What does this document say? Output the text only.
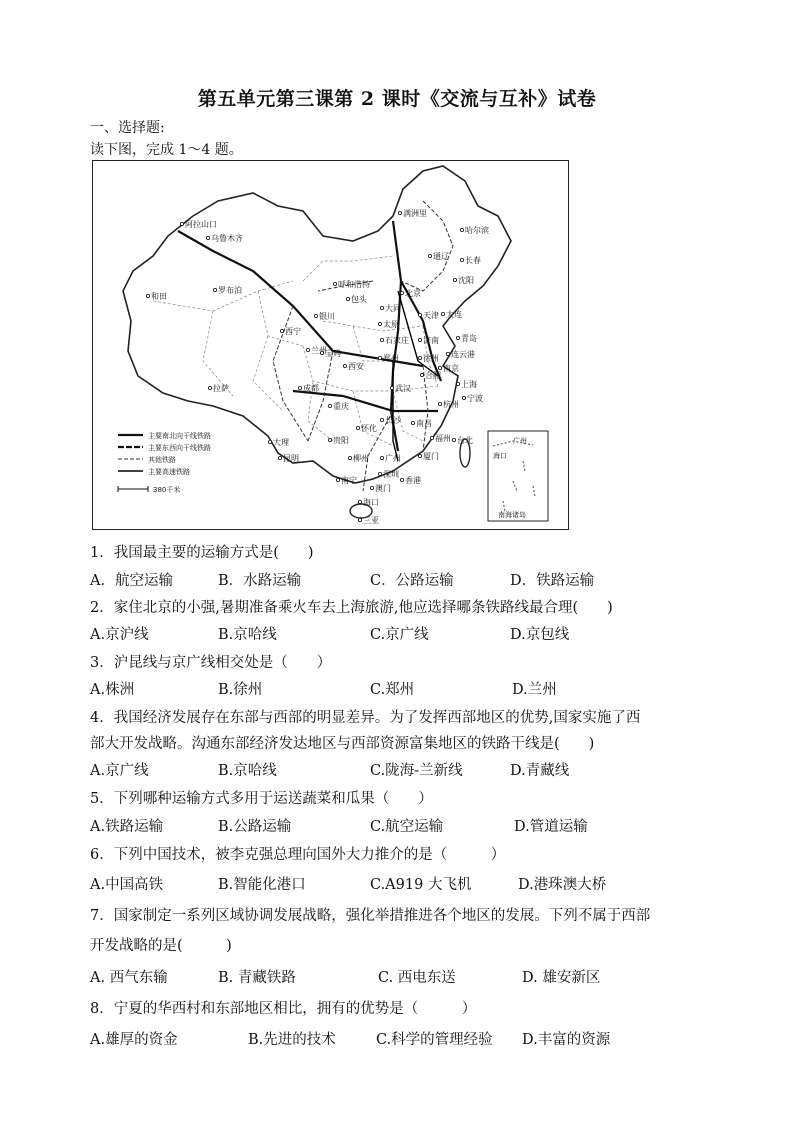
第五单元第三课第 2 课时《交流与互补》试卷
一、选择题:
读下图，完成 1～4 题。
阿拉山口
乌鲁木齐
和田
罗布泊
拉萨
满洲里
哈尔滨
长春
通辽
沈阳
大连
北京
天津
呼和浩特
包头
银川
大同
太原
石家庄
西宁
兰州
济南	青岛
连云港
徐州
郑州
西安
宝鸡
合肥
南京
上海
宁波
杭州
成都
重庆
武汉
长沙 南昌
怀化
贵阳
昆明
大理
南宁
柳州 广州
深圳
香港
澳门
厦门
福州 台北
海口
三亚
主要南北向干线铁路
主要东西向干线铁路
其他铁路
主要高速铁路
380千米
广州
海口
南海诸岛
1．我国最主要的运输方式是(　　)
A．航空运输	B．水路运输	C．公路运输	D．铁路运输
2．家住北京的小强,暑期准备乘火车去上海旅游,他应选择哪条铁路线最合理(　　)
A.京沪线	B.京哈线	C.京广线	D.京包线
3．沪昆线与京广线相交处是（　　）
A.株洲	B.徐州	C.郑州	D.兰州
4．我国经济发展存在东部与西部的明显差异。为了发挥西部地区的优势,国家实施了西
部大开发战略。沟通东部经济发达地区与西部资源富集地区的铁路干线是(　　)
A.京广线	B.京哈线	C.陇海-兰新线	D.青藏线
5．下列哪种运输方式多用于运送蔬菜和瓜果（　　）
A.铁路运输	B.公路运输	C.航空运输	D.管道运输
6．下列中国技术，被李克强总理向国外大力推介的是（　　　）
A.中国高铁	B.智能化港口	C.A919 大飞机	D.港珠澳大桥
7．国家制定一系列区域协调发展战略，强化举措推进各个地区的发展。下列不属于西部
开发战略的是(　　　)
A. 西气东输	B. 青藏铁路	C. 西电东送	D. 雄安新区
8．宁夏的华西村和东部地区相比，拥有的优势是（　　　）
A.雄厚的资金	B.先进的技术	C.科学的管理经验 D.丰富的资源
